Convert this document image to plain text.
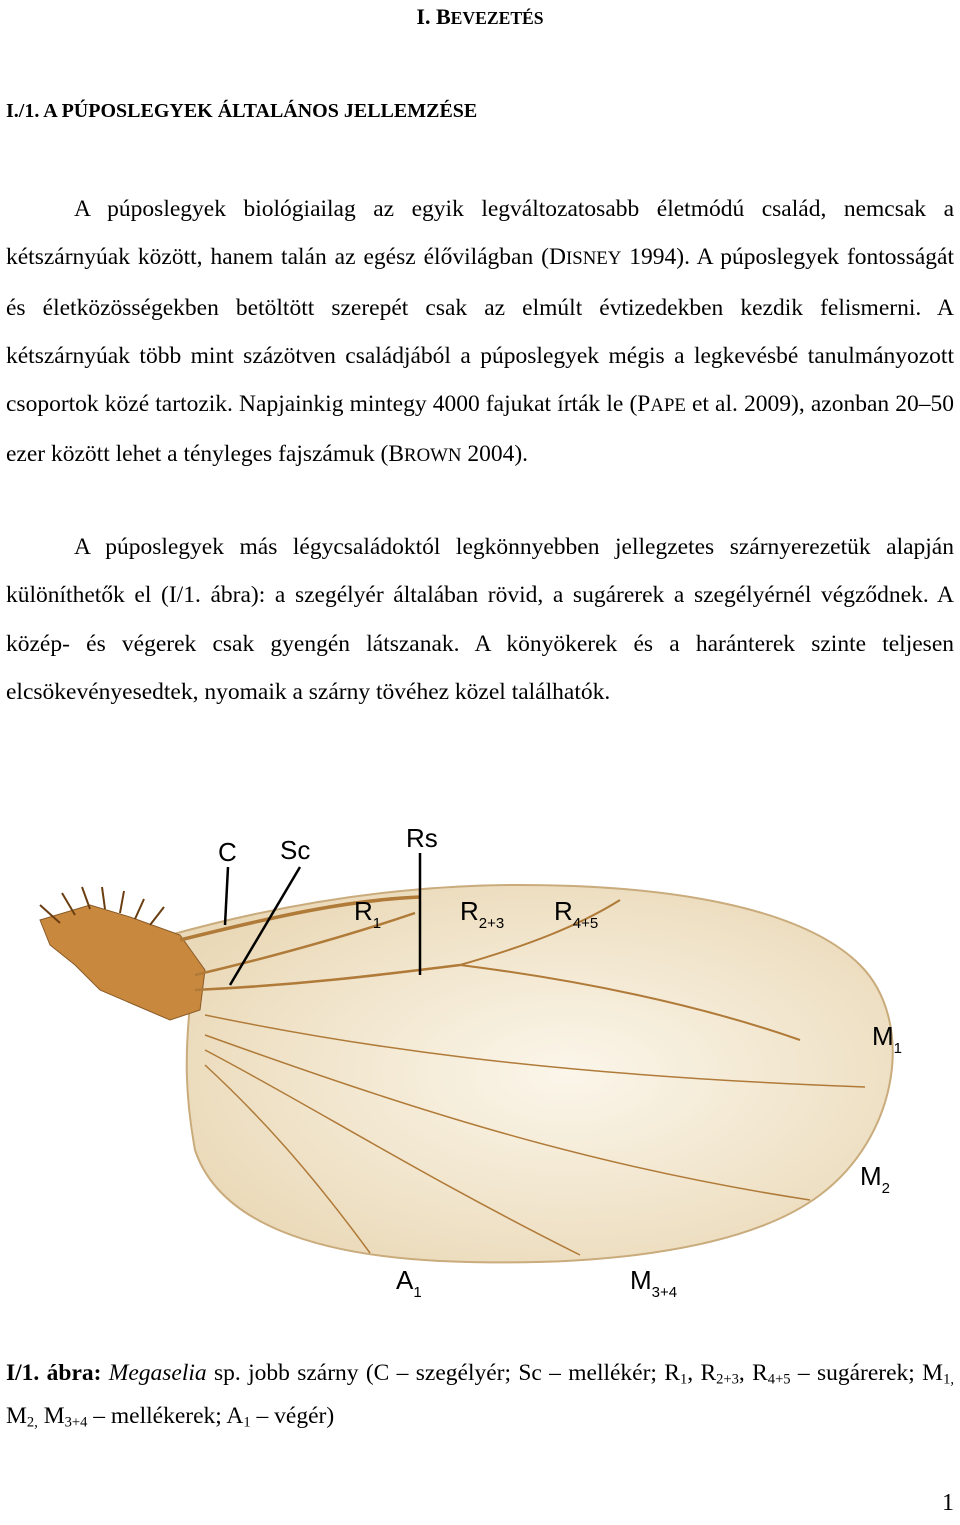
I. BEVEZETÉS
I./1. A PÚPOSLEGYEK ÁLTALÁNOS JELLEMZÉSE

A púposlegyek biológiailag az egyik legváltozatosabb életmódú család, nemcsak a kétszárnyúak között, hanem talán az egész élővilágban (DISNEY 1994). A púposlegyek fontosságát és életközösségekben betöltött szerepét csak az elmúlt évtizedekben kezdik felismerni. A kétszárnyúak több mint százötven családjából a púposlegyek mégis a legkevésbé tanulmányozott csoportok közé tartozik. Napjainkig mintegy 4000 fajukat írták le (PAPE et al. 2009), azonban 20–50 ezer között lehet a tényleges fajszámuk (BROWN 2004).

A púposlegyek más légycsaládoktól legkönnyebben jellegzetes szárnyerezetük alapján különíthetők el (I/1. ábra): a szegélyér általában rövid, a sugárerek a szegélyérnél végződnek. A közép- és végerek csak gyengén látszanak. A könyökerek és a haránterek szinte teljesen elcsökevényesedtek, nyomaik a szárny tövéhez közel találhatók.

C Sc	Rs
R1	R2+3 R4+5
M1
M2
A1	M3+4

I/1. ábra: Megaselia sp. jobb szárny (C – szegélyér; Sc – mellékér; $R_1$, $R_{2+3}$, $R_{4+5}$ – sugárerek; $M_{1,}$ $M_{2,}$ $M_{3+4}$ – mellékerek; $A_1$ – végér)

1
